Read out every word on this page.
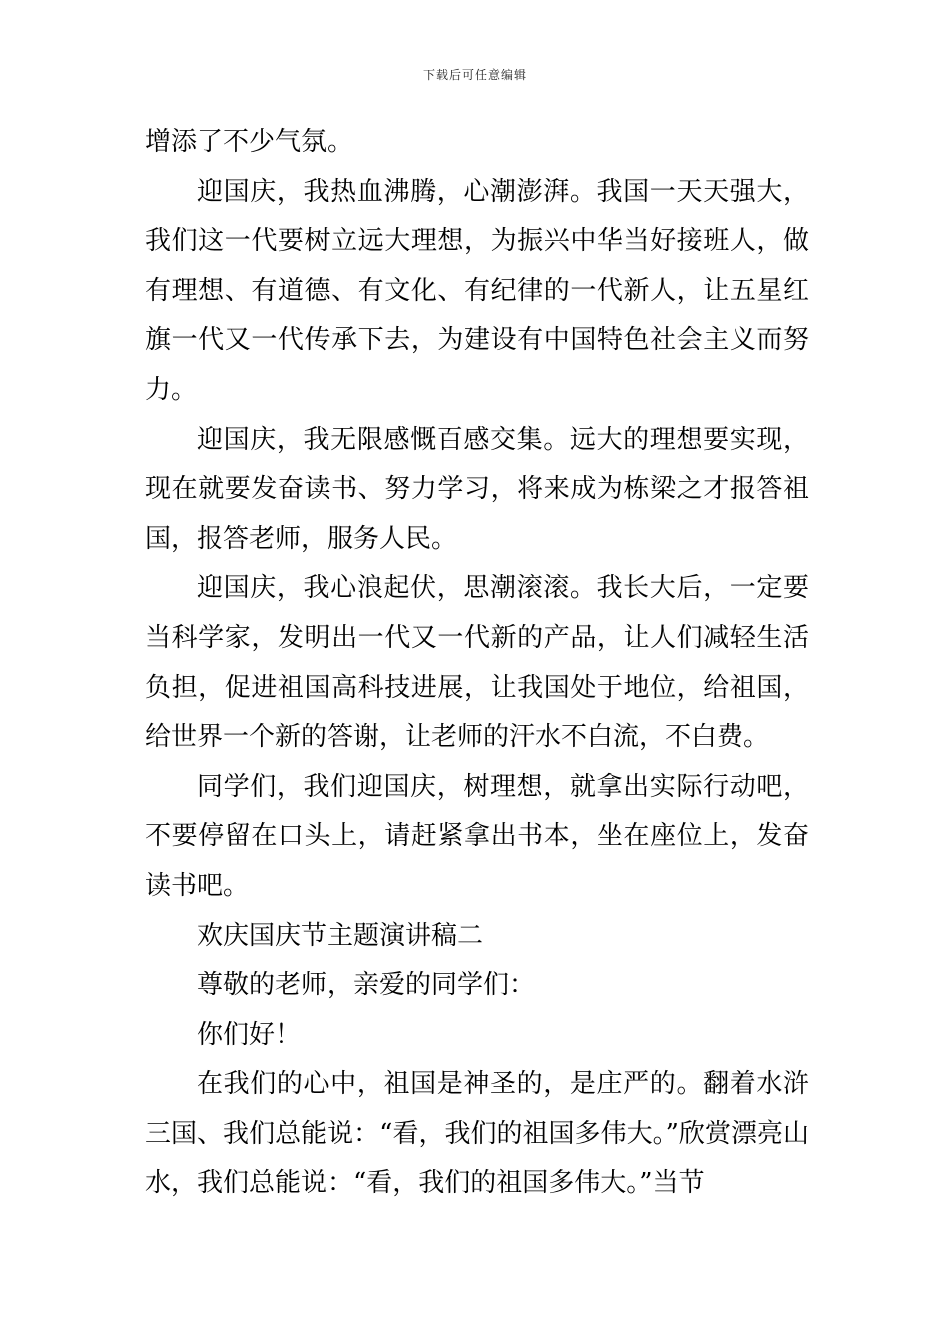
下载后可任意编辑

增添了不少气氛。

迎国庆，我热血沸腾，心潮澎湃。我国一天天强大，我们这一代要树立远大理想，为振兴中华当好接班人，做有理想、有道德、有文化、有纪律的一代新人，让五星红旗一代又一代传承下去，为建设有中国特色社会主义而努力。

迎国庆，我无限感慨百感交集。远大的理想要实现，现在就要发奋读书、努力学习，将来成为栋梁之才报答祖国，报答老师，服务人民。

迎国庆，我心浪起伏，思潮滚滚。我长大后，一定要当科学家，发明出一代又一代新的产品，让人们减轻生活负担，促进祖国高科技进展，让我国处于地位，给祖国，给世界一个新的答谢，让老师的汗水不白流，不白费。

同学们，我们迎国庆，树理想，就拿出实际行动吧，不要停留在口头上，请赶紧拿出书本，坐在座位上，发奋读书吧。

欢庆国庆节主题演讲稿二

尊敬的老师，亲爱的同学们：

你们好！

在我们的心中，祖国是神圣的，是庄严的。翻着水浒三国、我们总能说：“看，我们的祖国多伟大。”欣赏漂亮山水，我们总能说：“看，我们的祖国多伟大。”当节
